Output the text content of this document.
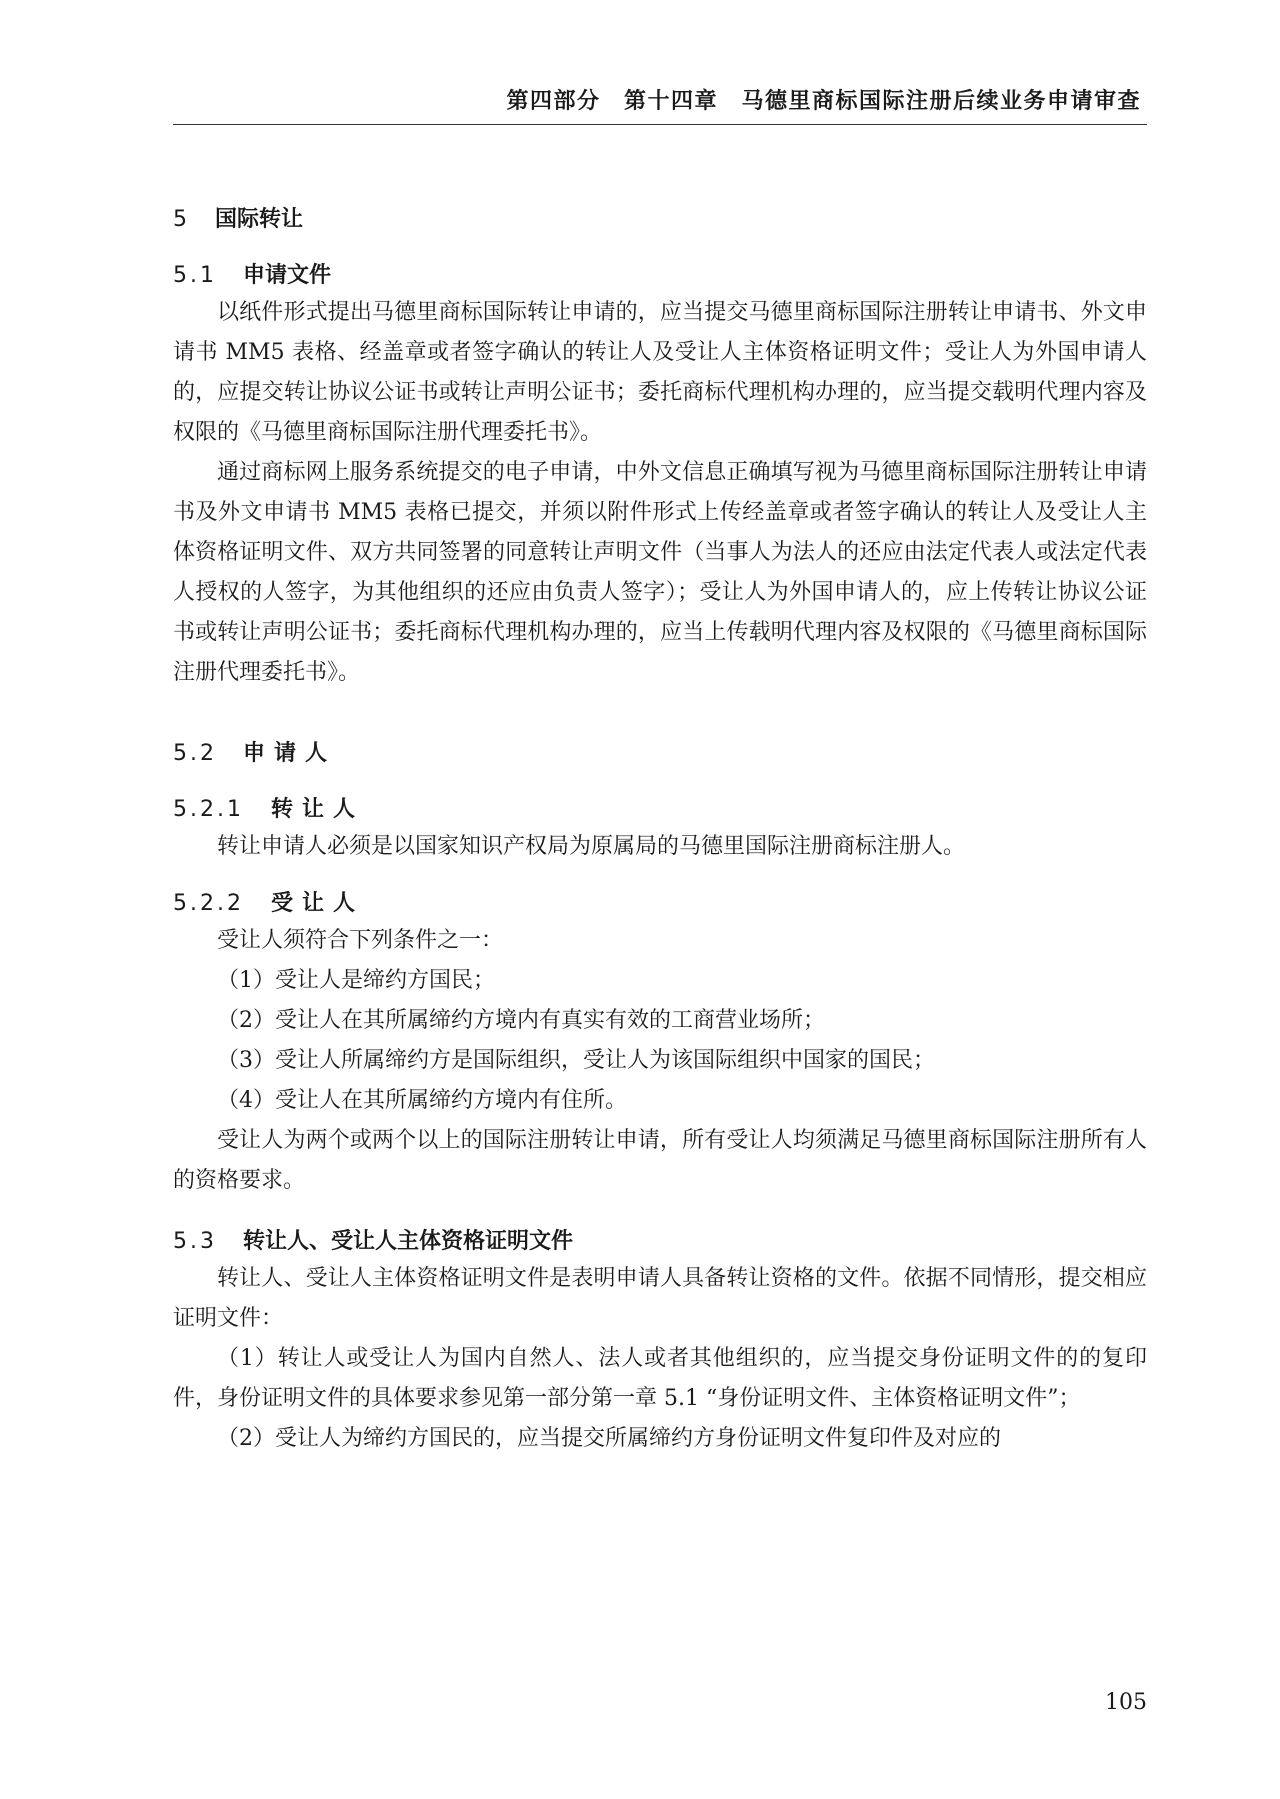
第四部分　第十四章　马德里商标国际注册后续业务申请审查
5 国际转让
5.1 申请文件

以纸件形式提出马德里商标国际转让申请的，应当提交马德里商标国际注册转让申请书、外文申请书 MM5 表格、经盖章或者签字确认的转让人及受让人主体资格证明文件；受让人为外国申请人的，应提交转让协议公证书或转让声明公证书；委托商标代理机构办理的，应当提交载明代理内容及权限的《马德里商标国际注册代理委托书》。

通过商标网上服务系统提交的电子申请，中外文信息正确填写视为马德里商标国际注册转让申请书及外文申请书 MM5 表格已提交，并须以附件形式上传经盖章或者签字确认的转让人及受让人主体资格证明文件、双方共同签署的同意转让声明文件（当事人为法人的还应由法定代表人或法定代表人授权的人签字，为其他组织的还应由负责人签字）；受让人为外国申请人的，应上传转让协议公证书或转让声明公证书；委托商标代理机构办理的，应当上传载明代理内容及权限的《马德里商标国际注册代理委托书》。

5.2 申请人
5.2.1 转让人

转让申请人必须是以国家知识产权局为原属局的马德里国际注册商标注册人。

5.2.2 受让人

受让人须符合下列条件之一：

（1）受让人是缔约方国民；

（2）受让人在其所属缔约方境内有真实有效的工商营业场所；

（3）受让人所属缔约方是国际组织，受让人为该国际组织中国家的国民；

（4）受让人在其所属缔约方境内有住所。

受让人为两个或两个以上的国际注册转让申请，所有受让人均须满足马德里商标国际注册所有人的资格要求。

5.3 转让人、受让人主体资格证明文件

转让人、受让人主体资格证明文件是表明申请人具备转让资格的文件。依据不同情形，提交相应证明文件：

（1）转让人或受让人为国内自然人、法人或者其他组织的，应当提交身份证明文件的的复印件，身份证明文件的具体要求参见第一部分第一章 5.1 “身份证明文件、主体资格证明文件”；

（2）受让人为缔约方国民的，应当提交所属缔约方身份证明文件复印件及对应的

105
